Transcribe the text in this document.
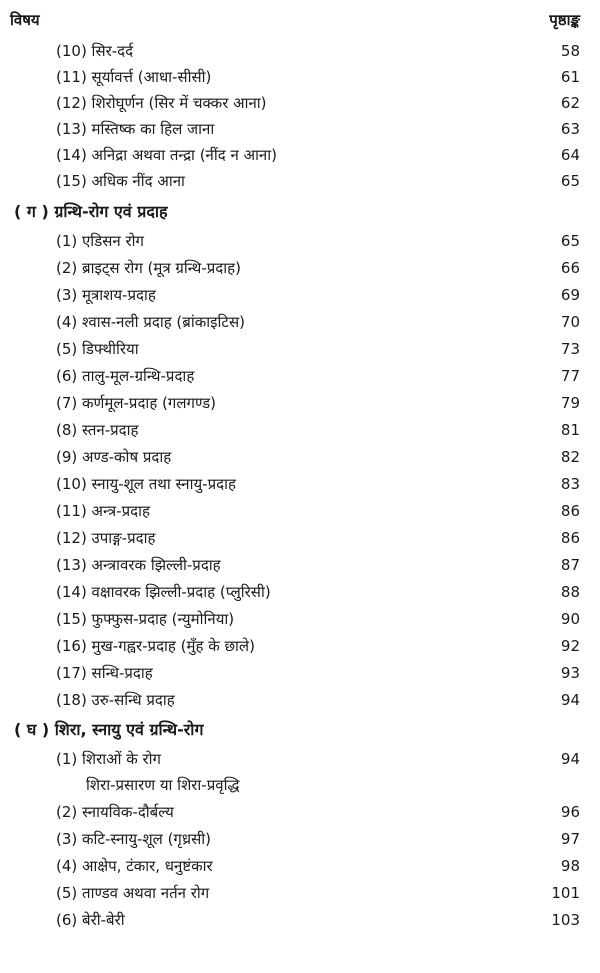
विषय	पृष्ठाङ्क
(10) सिर-दर्द	58
(11) सूर्यावर्त्त (आधा-सीसी)	61
(12) शिरोघूर्णन (सिर में चक्कर आना)	62
(13) मस्तिष्क का हिल जाना	63
(14) अनिद्रा अथवा तन्द्रा (नींद न आना)	64
(15) अधिक नींद आना	65
( ग ) ग्रन्थि-रोग एवं प्रदाह
(1) एडिसन रोग	65
(2) ब्राइट्स रोग (मूत्र ग्रन्थि-प्रदाह)	66
(3) मूत्राशय-प्रदाह	69
(4) श्वास-नली प्रदाह (ब्रांकाइटिस)	70
(5) डिफ्थीरिया	73
(6) तालु-मूल-ग्रन्थि-प्रदाह	77
(7) कर्णमूल-प्रदाह (गलगण्ड)	79
(8) स्तन-प्रदाह	81
(9) अण्ड-कोष प्रदाह	82
(10) स्नायु-शूल तथा स्नायु-प्रदाह	83
(11) अन्त्र-प्रदाह	86
(12) उपाङ्ग-प्रदाह	86
(13) अन्त्रावरक झिल्ली-प्रदाह	87
(14) वक्षावरक झिल्ली-प्रदाह (प्लुरिसी)	88
(15) फुफ्फुस-प्रदाह (न्युमोनिया)	90
(16) मुख-गह्वर-प्रदाह (मुँह के छाले)	92
(17) सन्धि-प्रदाह	93
(18) उरु-सन्धि प्रदाह	94
( घ ) शिरा, स्नायु एवं ग्रन्थि-रोग
(1) शिराओं के रोग	94
शिरा-प्रसारण या शिरा-प्रवृद्धि
(2) स्नायविक-दौर्बल्य	96
(3) कटि-स्नायु-शूल (गृध्रसी)	97
(4) आक्षेप, टंकार, धनुष्टंकार	98
(5) ताण्डव अथवा नर्तन रोग	101
(6) बेरी-बेरी	103
